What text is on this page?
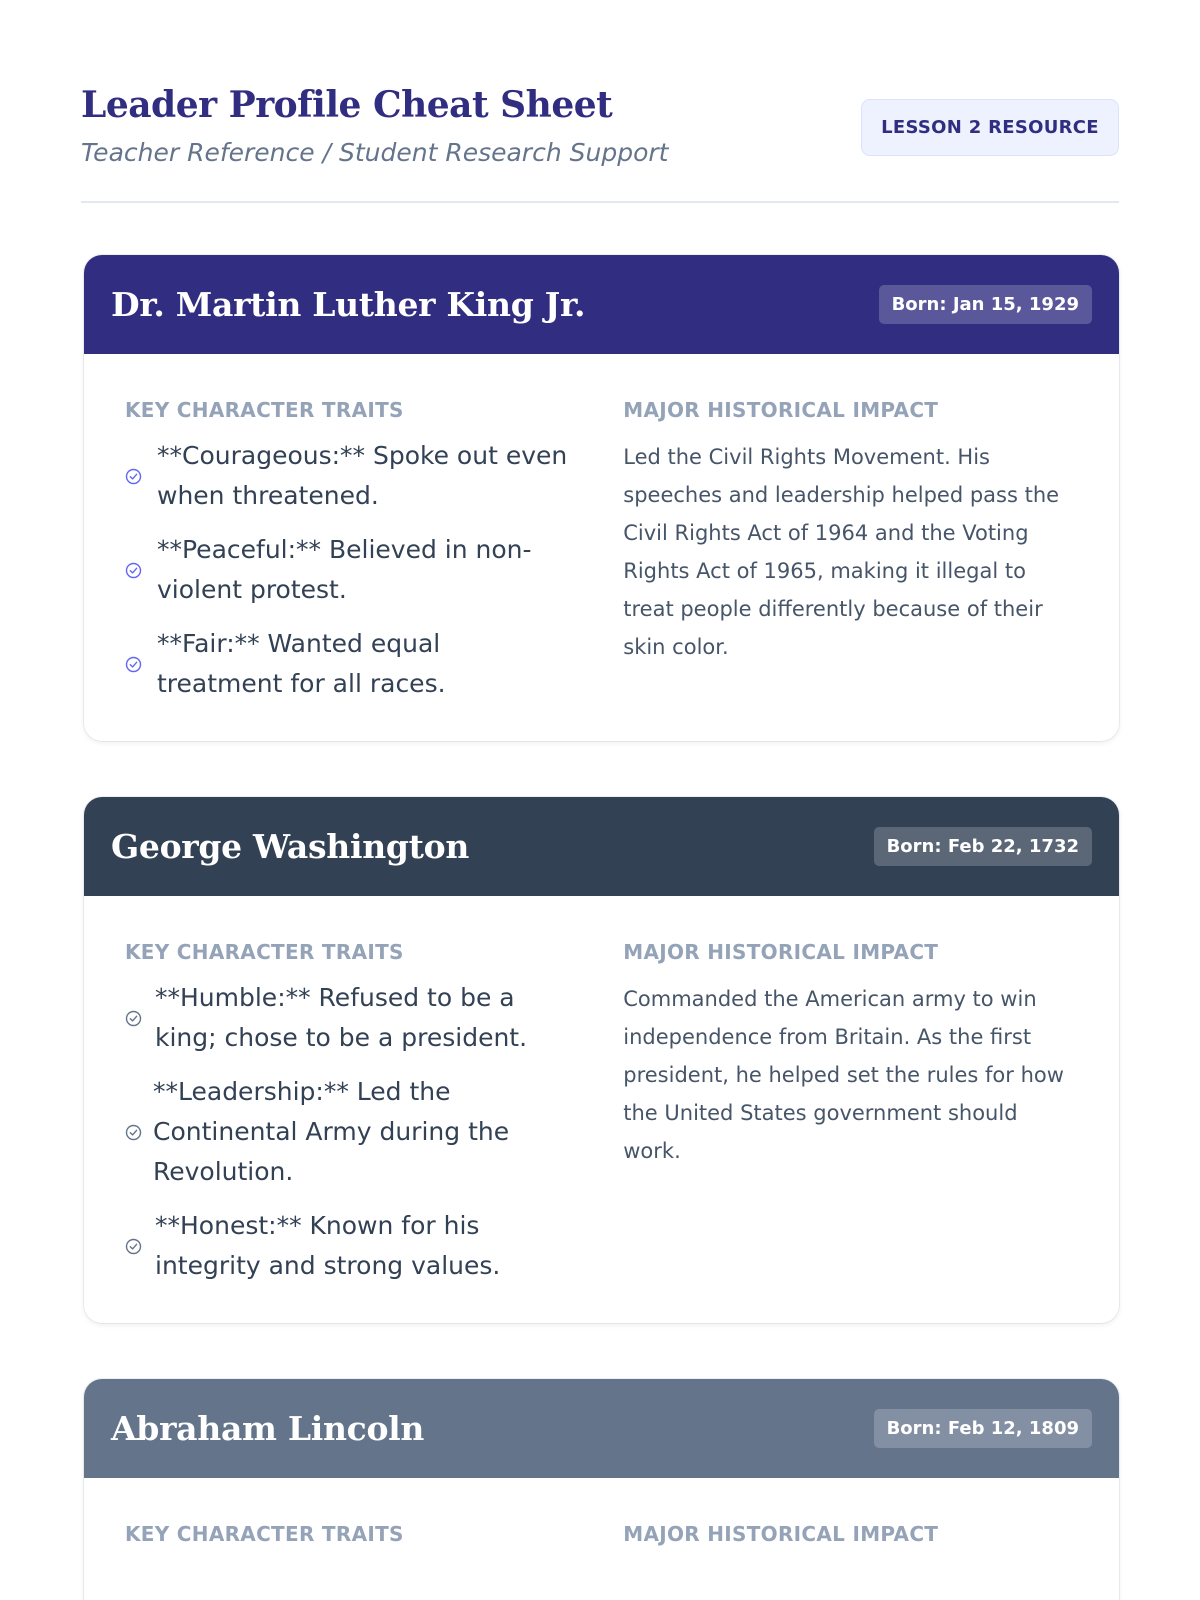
Leader Profile Cheat Sheet
Teacher Reference / Student Research Support
LESSON 2 RESOURCE
Dr. Martin Luther King Jr.	Born: Jan 15, 1929
KEY CHARACTER TRAITS
**Courageous:** Spoke out even when threatened.
**Peaceful:** Believed in non-violent protest.
**Fair:** Wanted equal treatment for all races.
MAJOR HISTORICAL IMPACT

Led the Civil Rights Movement. His speeches and leadership helped pass the Civil Rights Act of 1964 and the Voting Rights Act of 1965, making it illegal to treat people differently because of their skin color.

George Washington	Born: Feb 22, 1732
KEY CHARACTER TRAITS
**Humble:** Refused to be a king; chose to be a president.
**Leadership:** Led the Continental Army during the Revolution.
**Honest:** Known for his integrity and strong values.
MAJOR HISTORICAL IMPACT

Commanded the American army to win independence from Britain. As the first president, he helped set the rules for how the United States government should work.

Abraham Lincoln	Born: Feb 12, 1809
KEY CHARACTER TRAITS	MAJOR HISTORICAL IMPACT
